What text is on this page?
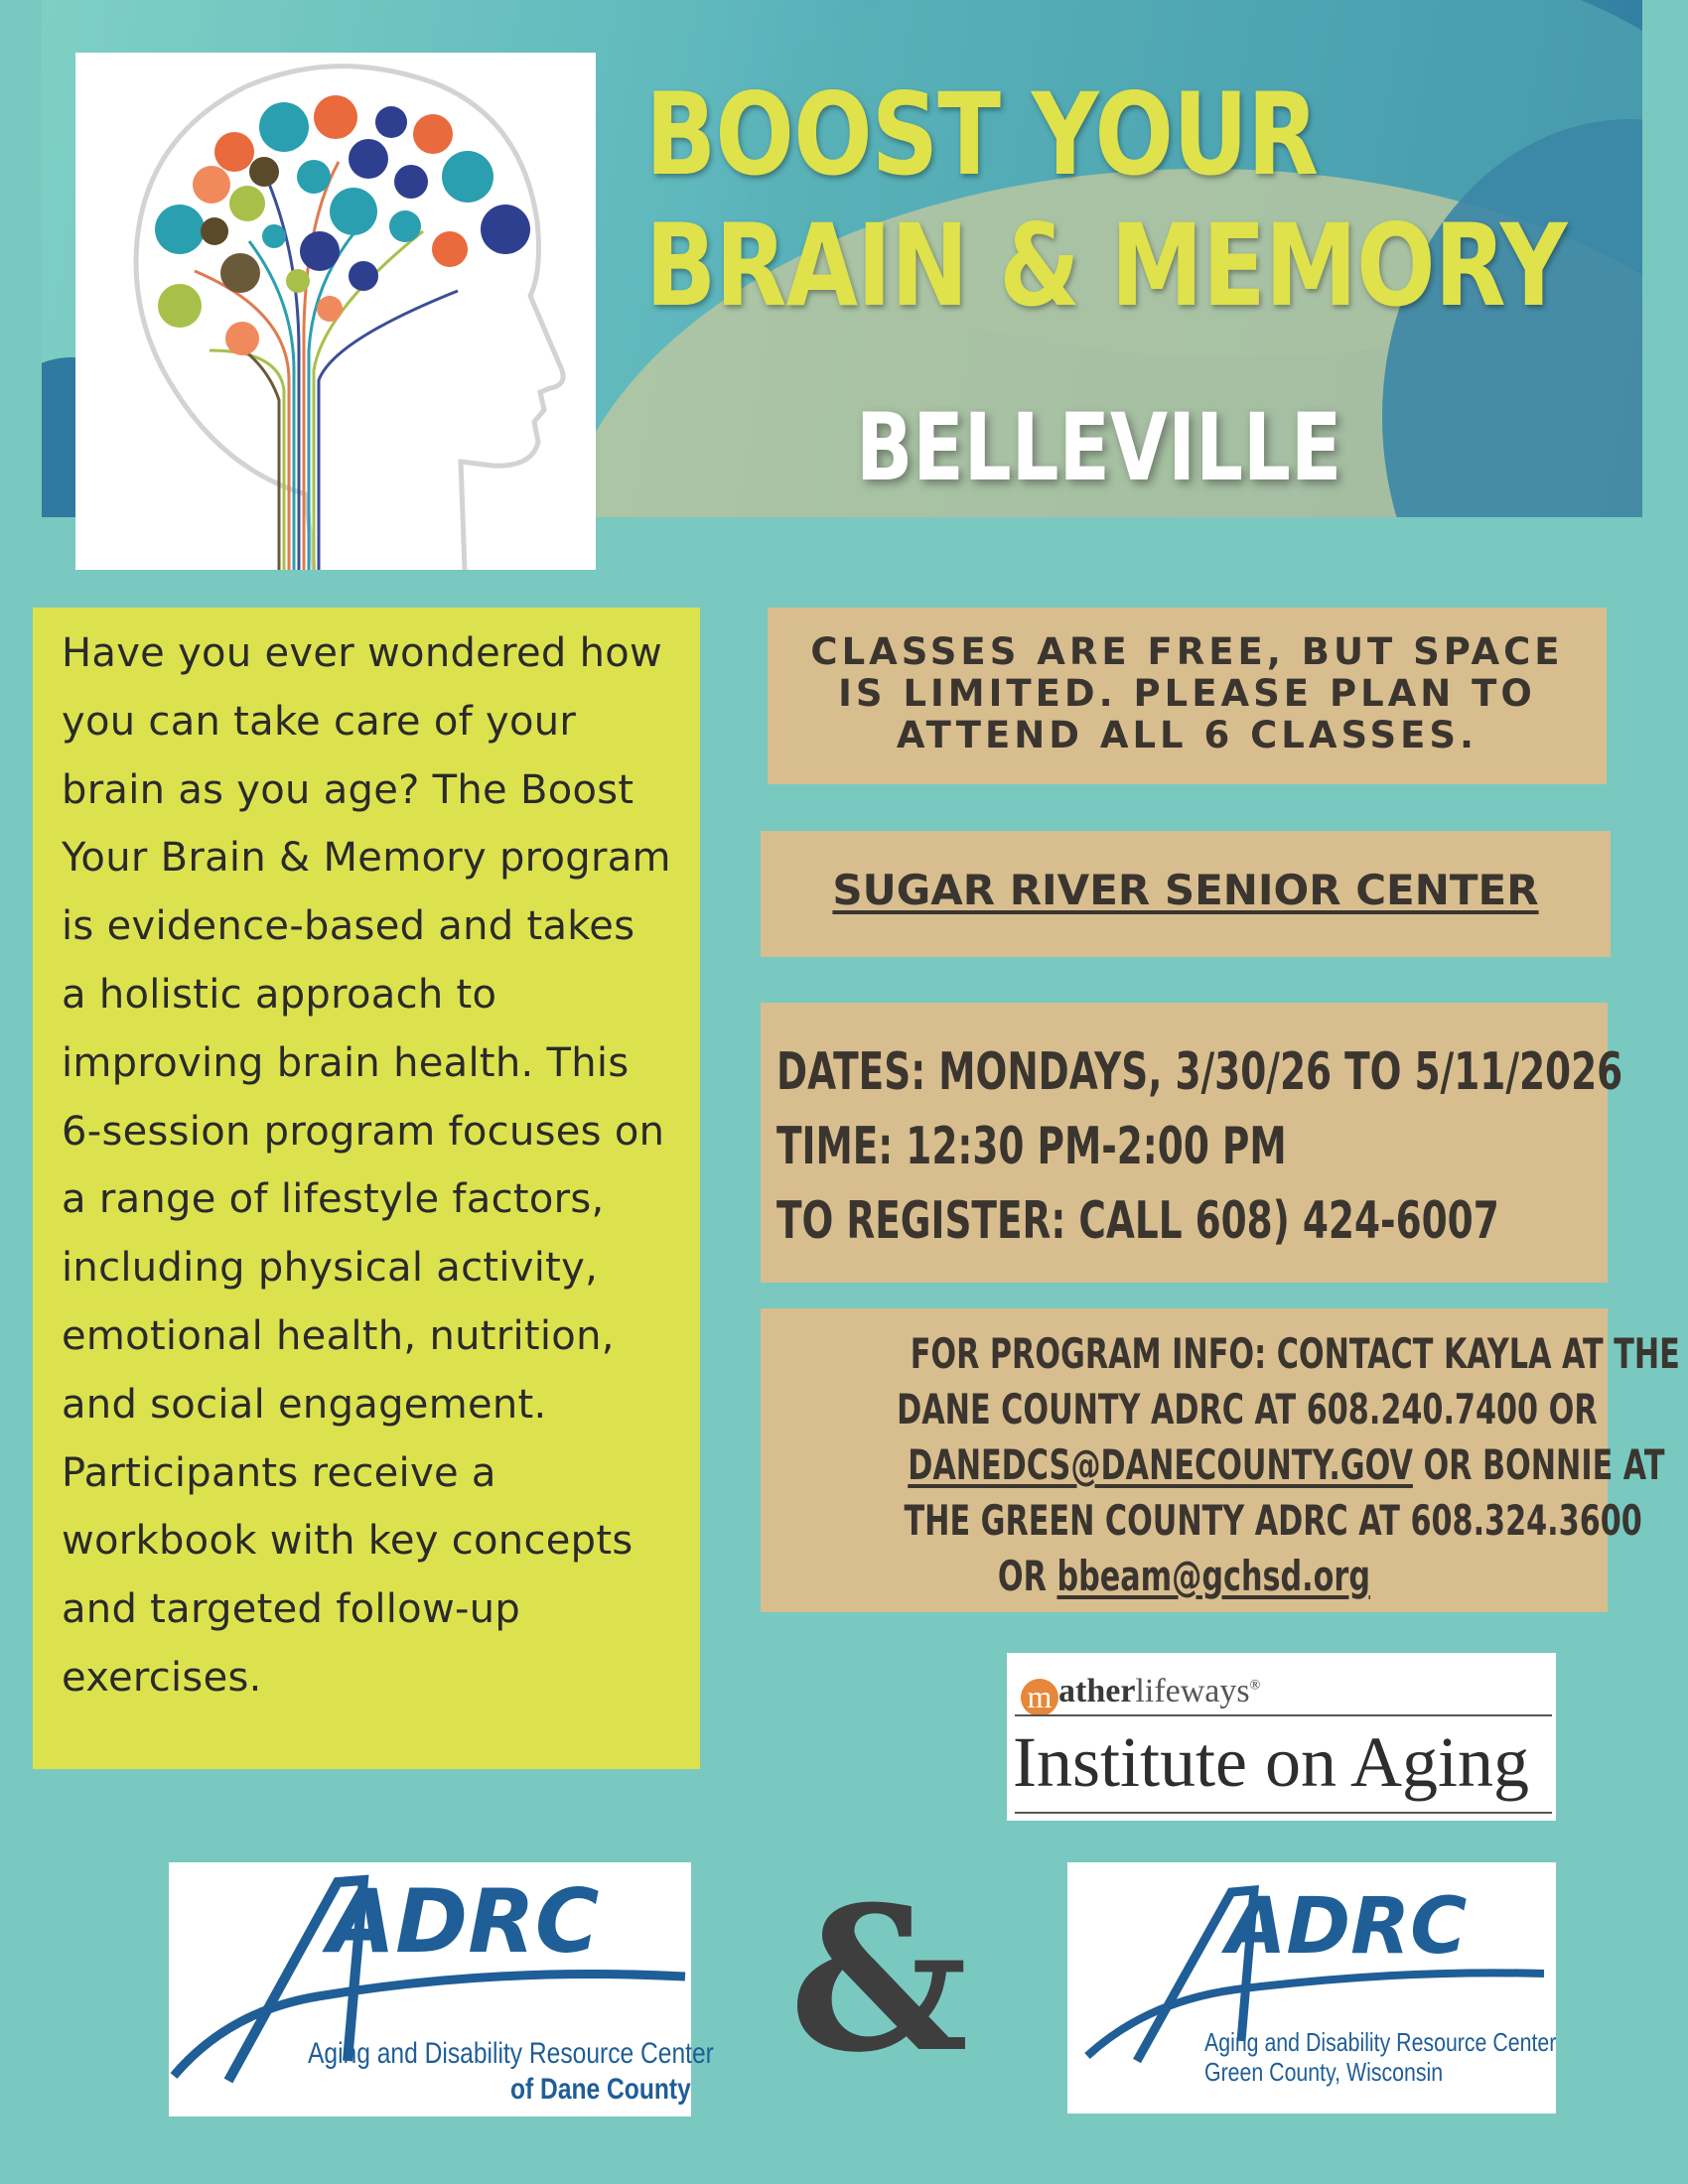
BOOST YOUR
BRAIN & MEMORY
BELLEVILLE

Have you ever wondered how you can take care of your brain as you age? The Boost Your Brain & Memory program is evidence-based and takes a holistic approach to improving brain health. This 6-session program focuses on a range of lifestyle factors, including physical activity, emotional health, nutrition, and social engagement. Participants receive a workbook with key concepts and targeted follow-up exercises.

CLASSES ARE FREE, BUT SPACE IS LIMITED. PLEASE PLAN TO ATTEND ALL 6 CLASSES.

SUGAR RIVER SENIOR CENTER

DATES: MONDAYS, 3/30/26 TO 5/11/2026
TIME: 12:30 PM-2:00 PM
TO REGISTER: CALL 608) 424-6007
FOR PROGRAM INFO: CONTACT KAYLA AT THE
DANE COUNTY ADRC AT 608.240.7400 OR
DANEDCS@DANECOUNTY.GOV OR BONNIE AT
THE GREEN COUNTY ADRC AT 608.324.3600
OR bbeam@gchsd.org
m atherlifeways®
Institute on Aging
ADRC
Aging and Disability Resource Center
of Dane County &	ADRC
Aging and Disability Resource Center
Green County, Wisconsin
